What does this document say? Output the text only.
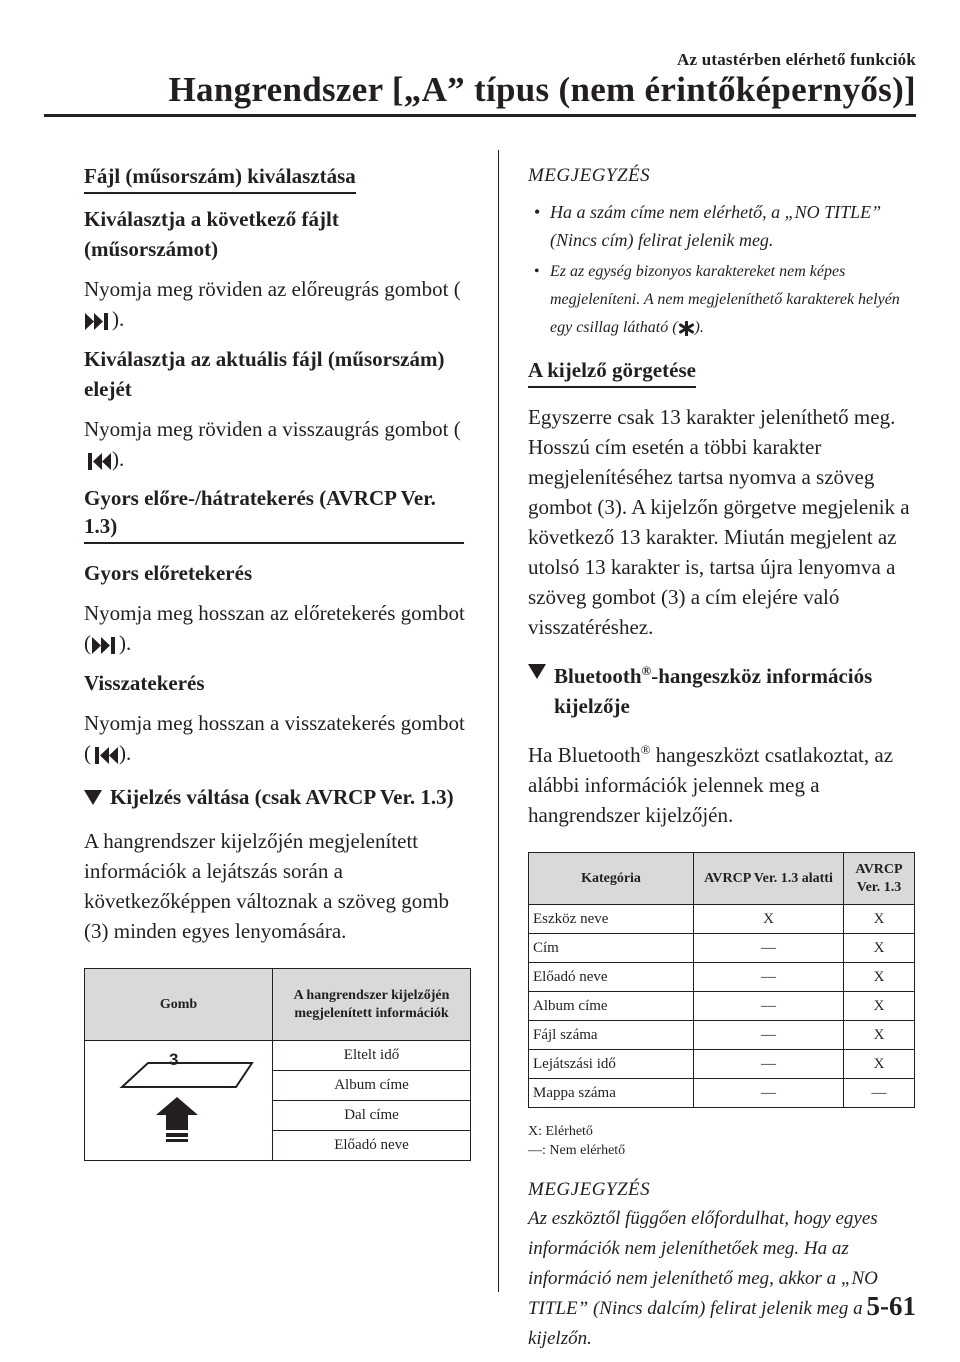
Az utastérben elérhető funkciók
Hangrendszer [„A” típus (nem érintőképernyős)]
Fájl (műsorszám) kiválasztása
Kiválasztja a következő fájlt (műsorszámot)
Nyomja meg röviden az előreugrás gombot (
).
Kiválasztja az aktuális fájl (műsorszám) elejét
Nyomja meg röviden a visszaugrás gombot (
).
Gyors előre-/hátratekerés (AVRCP Ver. 1.3)
Gyors előretekerés
Nyomja meg hosszan az előretekerés gombot ( ).
Visszatekerés
Nyomja meg hosszan a visszatekerés gombot ( ).
Kijelzés váltása (csak AVRCP Ver. 1.3)
A hangrendszer kijelzőjén megjelenített információk a lejátszás során a következőképpen változnak a szöveg gomb (3) minden egyes lenyomására.
Gomb	A hangrendszer kijelzőjén megjelenített információk

3	Eltelt idő
	Album címe
	Dal címe
	Előadó neve
MEGJEGYZÉS
• Ha a szám címe nem elérhető, a „NO TITLE” (Nincs cím) felirat jelenik meg.
• Ez az egység bizonyos karaktereket nem képes megjeleníteni. A nem megjeleníthető karakterek helyén egy csillag látható ( ).
A kijelző görgetése
Egyszerre csak 13 karakter jeleníthető meg. Hosszú cím esetén a többi karakter megjelenítéséhez tartsa nyomva a szöveg gombot (3). A kijelzőn görgetve megjelenik a következő 13 karakter. Miután megjelent az utolsó 13 karakter is, tartsa újra lenyomva a szöveg gombot (3) a cím elejére való visszatéréshez.
Bluetooth®-hangeszköz információs kijelzője
Ha Bluetooth® hangeszközt csatlakoztat, az alábbi információk jelennek meg a hangrendszer kijelzőjén.
Kategória	AVRCP Ver. 1.3 alatti	AVRCP Ver. 1.3
Eszköz neve	X	X
Cím	—	X
Előadó neve	—	X
Album címe	—	X
Fájl száma	—	X
Lejátszási idő	—	X
Mappa száma	—	—
X: Elérhető
—: Nem elérhető
MEGJEGYZÉS
Az eszköztől függően előfordulhat, hogy egyes információk nem jeleníthetőek meg. Ha az információ nem jeleníthető meg, akkor a „NO TITLE” (Nincs dalcím) felirat jelenik meg a kijelzőn.
5-61
